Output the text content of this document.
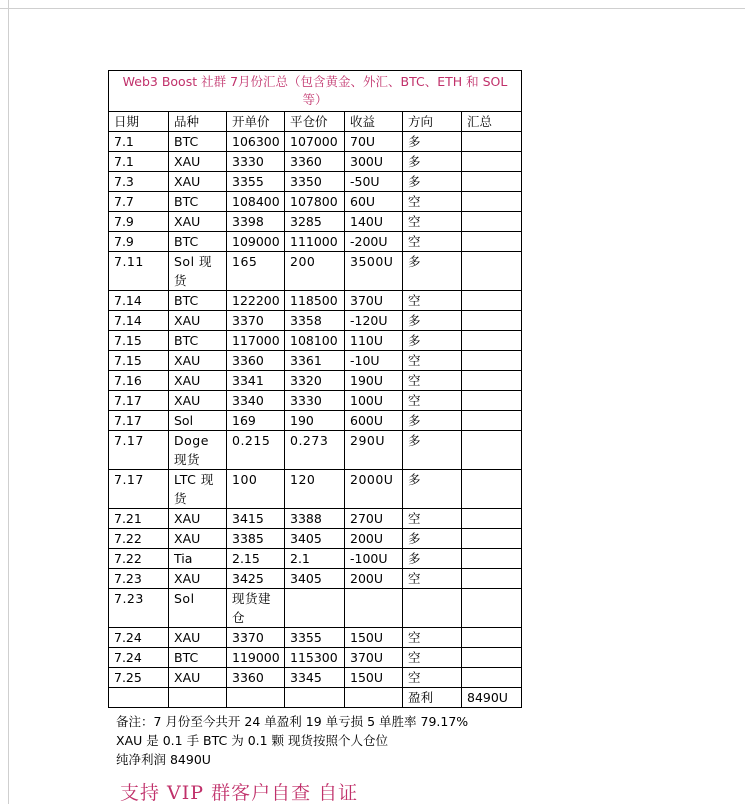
Web3 Boost 社群 7月份汇总（包含黄金、外汇、BTC、ETH 和 SOL 等）						
日期	品种	开单价	平仓价	收益	方向	汇总
7.1	BTC	106300	107000	70U	多	
7.1	XAU	3330	3360	300U	多	
7.3	XAU	3355	3350	-50U	多	
7.7	BTC	108400	107800	60U	空	
7.9	XAU	3398	3285	140U	空	
7.9	BTC	109000	111000	-200U	空	
7.11	Sol 现货	165	200	3500U	多	
7.14	BTC	122200	118500	370U	空	
7.14	XAU	3370	3358	-120U	多	
7.15	BTC	117000	108100	110U	多	
7.15	XAU	3360	3361	-10U	空	
7.16	XAU	3341	3320	190U	空	
7.17	XAU	3340	3330	100U	空	
7.17	Sol	169	190	600U	多	
7.17	Doge 现货	0.215	0.273	290U	多	
7.17	LTC 现货	100	120	2000U	多	
7.21	XAU	3415	3388	270U	空	
7.22	XAU	3385	3405	200U	多	
7.22	Tia	2.15	2.1	-100U	多	
7.23	XAU	3425	3405	200U	空	
7.23	Sol	现货建仓				
7.24	XAU	3370	3355	150U	空	
7.24	BTC	119000	115300	370U	空	
7.25	XAU	3360	3345	150U	空	
					盈利	8490U
备注：7 月份至今共开 24 单盈利 19 单亏损 5 单胜率 79.17%
XAU 是 0.1 手 BTC 为 0.1 颗 现货按照个人仓位
纯净利润 8490U
支持 VIP 群客户自查 自证
